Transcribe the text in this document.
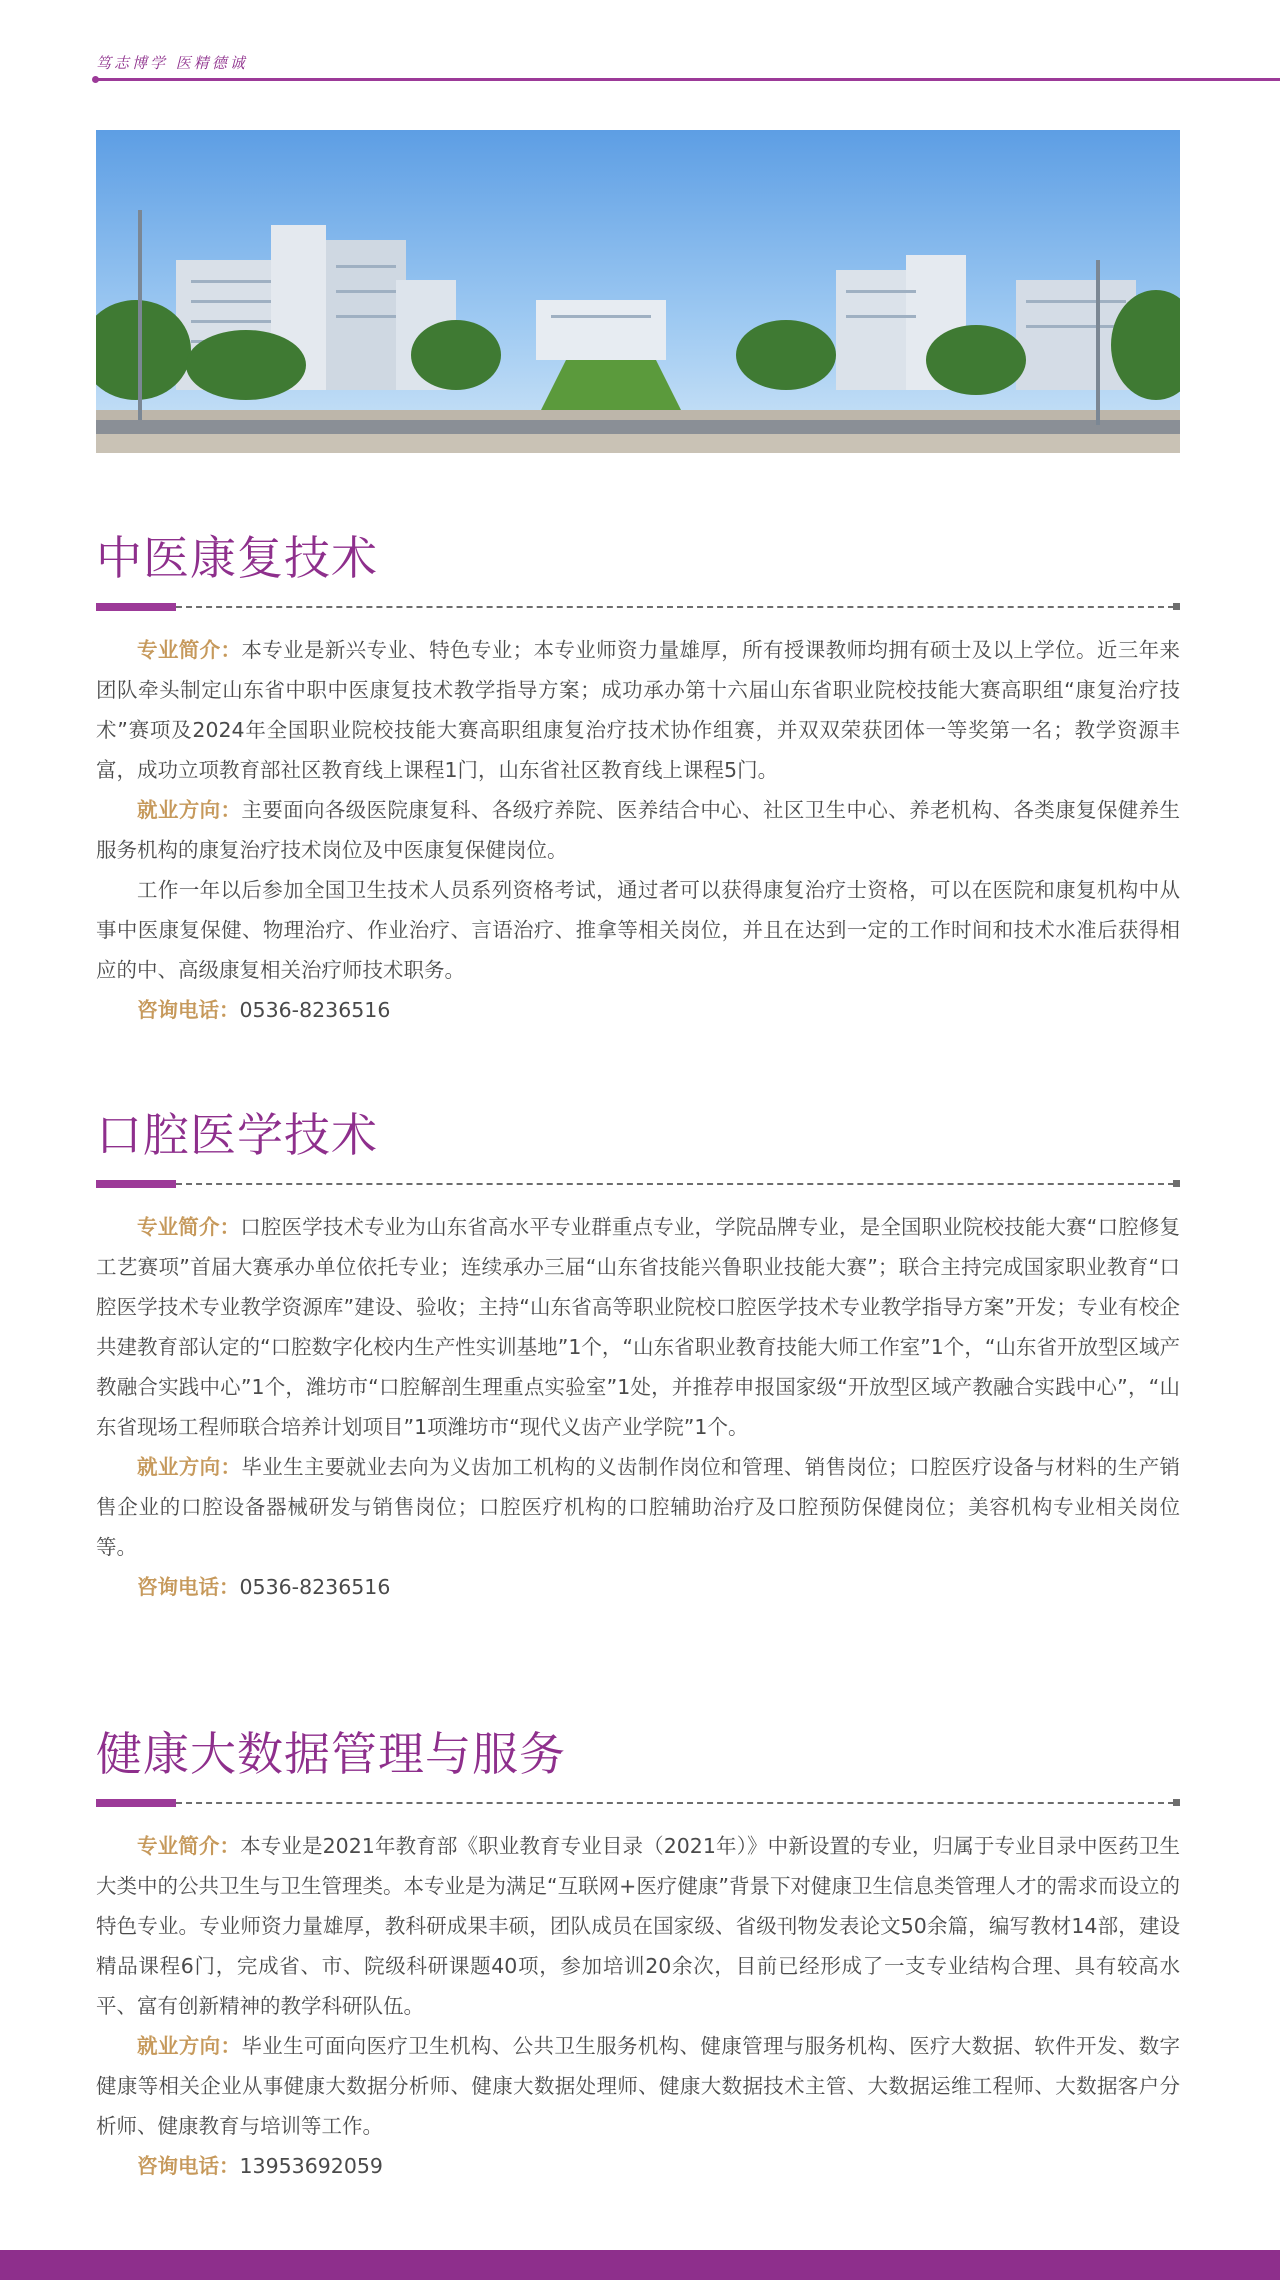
笃志博学 医精德诚
中医康复技术

专业简介：本专业是新兴专业、特色专业；本专业师资力量雄厚，所有授课教师均拥有硕士及以上学位。近三年来团队牵头制定山东省中职中医康复技术教学指导方案；成功承办第十六届山东省职业院校技能大赛高职组“康复治疗技术”赛项及2024年全国职业院校技能大赛高职组康复治疗技术协作组赛，并双双荣获团体一等奖第一名；教学资源丰富，成功立项教育部社区教育线上课程1门，山东省社区教育线上课程5门。

就业方向：主要面向各级医院康复科、各级疗养院、医养结合中心、社区卫生中心、养老机构、各类康复保健养生服务机构的康复治疗技术岗位及中医康复保健岗位。

工作一年以后参加全国卫生技术人员系列资格考试，通过者可以获得康复治疗士资格，可以在医院和康复机构中从事中医康复保健、物理治疗、作业治疗、言语治疗、推拿等相关岗位，并且在达到一定的工作时间和技术水准后获得相应的中、高级康复相关治疗师技术职务。

咨询电话：0536-8236516

口腔医学技术

专业简介：口腔医学技术专业为山东省高水平专业群重点专业，学院品牌专业，是全国职业院校技能大赛“口腔修复工艺赛项”首届大赛承办单位依托专业；连续承办三届“山东省技能兴鲁职业技能大赛”；联合主持完成国家职业教育“口腔医学技术专业教学资源库”建设、验收；主持“山东省高等职业院校口腔医学技术专业教学指导方案”开发；专业有校企共建教育部认定的“口腔数字化校内生产性实训基地”1个，“山东省职业教育技能大师工作室”1个，“山东省开放型区域产教融合实践中心”1个，潍坊市“口腔解剖生理重点实验室”1处，并推荐申报国家级“开放型区域产教融合实践中心”，“山东省现场工程师联合培养计划项目”1项潍坊市“现代义齿产业学院”1个。

就业方向：毕业生主要就业去向为义齿加工机构的义齿制作岗位和管理、销售岗位；口腔医疗设备与材料的生产销售企业的口腔设备器械研发与销售岗位；口腔医疗机构的口腔辅助治疗及口腔预防保健岗位；美容机构专业相关岗位等。

咨询电话：0536-8236516

健康大数据管理与服务

专业简介：本专业是2021年教育部《职业教育专业目录（2021年）》中新设置的专业，归属于专业目录中医药卫生大类中的公共卫生与卫生管理类。本专业是为满足“互联网+医疗健康”背景下对健康卫生信息类管理人才的需求而设立的特色专业。专业师资力量雄厚，教科研成果丰硕，团队成员在国家级、省级刊物发表论文50余篇，编写教材14部，建设精品课程6门，完成省、市、院级科研课题40项，参加培训20余次，目前已经形成了一支专业结构合理、具有较高水平、富有创新精神的教学科研队伍。

就业方向：毕业生可面向医疗卫生机构、公共卫生服务机构、健康管理与服务机构、医疗大数据、软件开发、数字健康等相关企业从事健康大数据分析师、健康大数据处理师、健康大数据技术主管、大数据运维工程师、大数据客户分析师、健康教育与培训等工作。

咨询电话：13953692059
